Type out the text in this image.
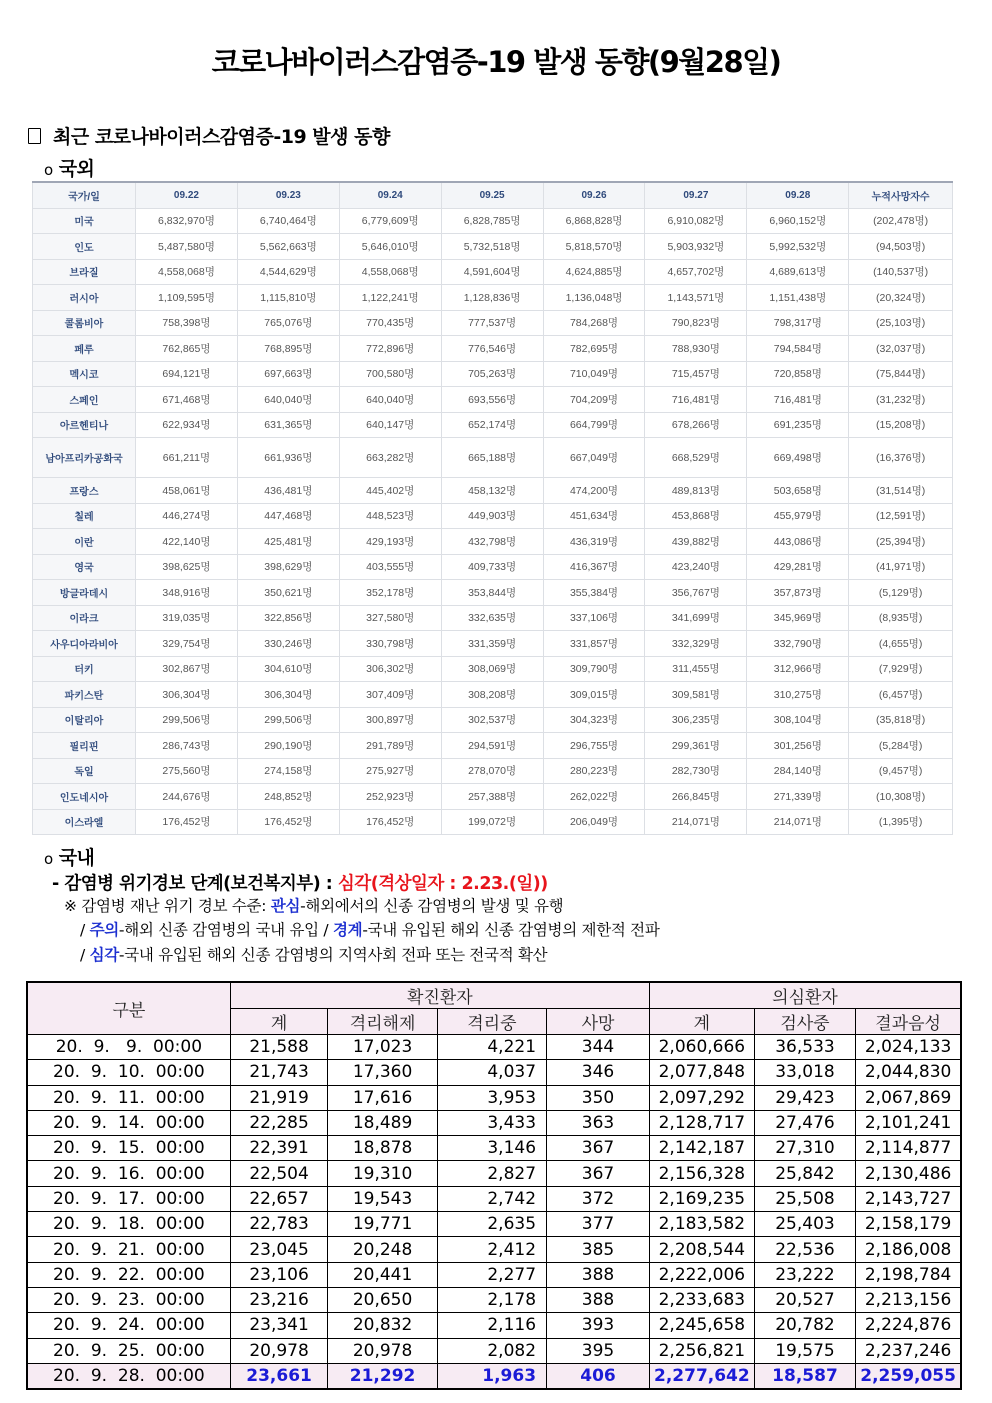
코로나바이러스감염증-19 발생 동향(9월28일)
최근 코로나바이러스감염증-19 발생 동향
o 국외
국가/일	09.22	09.23	09.24	09.25	09.26	09.27	09.28	누적사망자수
미국	6,832,970명	6,740,464명	6,779,609명	6,828,785명	6,868,828명	6,910,082명	6,960,152명	(202,478명)
인도	5,487,580명	5,562,663명	5,646,010명	5,732,518명	5,818,570명	5,903,932명	5,992,532명	(94,503명)
브라질	4,558,068명	4,544,629명	4,558,068명	4,591,604명	4,624,885명	4,657,702명	4,689,613명	(140,537명)
러시아	1,109,595명	1,115,810명	1,122,241명	1,128,836명	1,136,048명	1,143,571명	1,151,438명	(20,324명)
콜롬비아	758,398명	765,076명	770,435명	777,537명	784,268명	790,823명	798,317명	(25,103명)
페루	762,865명	768,895명	772,896명	776,546명	782,695명	788,930명	794,584명	(32,037명)
멕시코	694,121명	697,663명	700,580명	705,263명	710,049명	715,457명	720,858명	(75,844명)
스페인	671,468명	640,040명	640,040명	693,556명	704,209명	716,481명	716,481명	(31,232명)
아르헨티나	622,934명	631,365명	640,147명	652,174명	664,799명	678,266명	691,235명	(15,208명)
남아프리카공화국	661,211명	661,936명	663,282명	665,188명	667,049명	668,529명	669,498명	(16,376명)
프랑스	458,061명	436,481명	445,402명	458,132명	474,200명	489,813명	503,658명	(31,514명)
칠레	446,274명	447,468명	448,523명	449,903명	451,634명	453,868명	455,979명	(12,591명)
이란	422,140명	425,481명	429,193명	432,798명	436,319명	439,882명	443,086명	(25,394명)
영국	398,625명	398,629명	403,555명	409,733명	416,367명	423,240명	429,281명	(41,971명)
방글라데시	348,916명	350,621명	352,178명	353,844명	355,384명	356,767명	357,873명	(5,129명)
이라크	319,035명	322,856명	327,580명	332,635명	337,106명	341,699명	345,969명	(8,935명)
사우디아라비아	329,754명	330,246명	330,798명	331,359명	331,857명	332,329명	332,790명	(4,655명)
터키	302,867명	304,610명	306,302명	308,069명	309,790명	311,455명	312,966명	(7,929명)
파키스탄	306,304명	306,304명	307,409명	308,208명	309,015명	309,581명	310,275명	(6,457명)
이탈리아	299,506명	299,506명	300,897명	302,537명	304,323명	306,235명	308,104명	(35,818명)
필리핀	286,743명	290,190명	291,789명	294,591명	296,755명	299,361명	301,256명	(5,284명)
독일	275,560명	274,158명	275,927명	278,070명	280,223명	282,730명	284,140명	(9,457명)
인도네시아	244,676명	248,852명	252,923명	257,388명	262,022명	266,845명	271,339명	(10,308명)
이스라엘	176,452명	176,452명	176,452명	199,072명	206,049명	214,071명	214,071명	(1,395명)
o 국내
- 감염병 위기경보 단계(보건복지부) : 심각(격상일자 : 2.23.(일))
※ 감염병 재난 위기 경보 수준: 관심-해외에서의 신종 감염병의 발생 및 유행
/ 주의-해외 신종 감염병의 국내 유입 / 경계-국내 유입된 해외 신종 감염병의 제한적 전파
/ 심각-국내 유입된 해외 신종 감염병의 지역사회 전파 또는 전국적 확산
구분	확진환자				의심환자		
	계	격리해제	격리중	사망	계	검사중	결과음성
20.  9.   9.  00:00	21,588	17,023	4,221	344	2,060,666	36,533	2,024,133
20.  9.  10.  00:00	21,743	17,360	4,037	346	2,077,848	33,018	2,044,830
20.  9.  11.  00:00	21,919	17,616	3,953	350	2,097,292	29,423	2,067,869
20.  9.  14.  00:00	22,285	18,489	3,433	363	2,128,717	27,476	2,101,241
20.  9.  15.  00:00	22,391	18,878	3,146	367	2,142,187	27,310	2,114,877
20.  9.  16.  00:00	22,504	19,310	2,827	367	2,156,328	25,842	2,130,486
20.  9.  17.  00:00	22,657	19,543	2,742	372	2,169,235	25,508	2,143,727
20.  9.  18.  00:00	22,783	19,771	2,635	377	2,183,582	25,403	2,158,179
20.  9.  21.  00:00	23,045	20,248	2,412	385	2,208,544	22,536	2,186,008
20.  9.  22.  00:00	23,106	20,441	2,277	388	2,222,006	23,222	2,198,784
20.  9.  23.  00:00	23,216	20,650	2,178	388	2,233,683	20,527	2,213,156
20.  9.  24.  00:00	23,341	20,832	2,116	393	2,245,658	20,782	2,224,876
20.  9.  25.  00:00	20,978	20,978	2,082	395	2,256,821	19,575	2,237,246
20.  9.  28.  00:00	23,661	21,292	1,963	406	2,277,642	18,587	2,259,055
